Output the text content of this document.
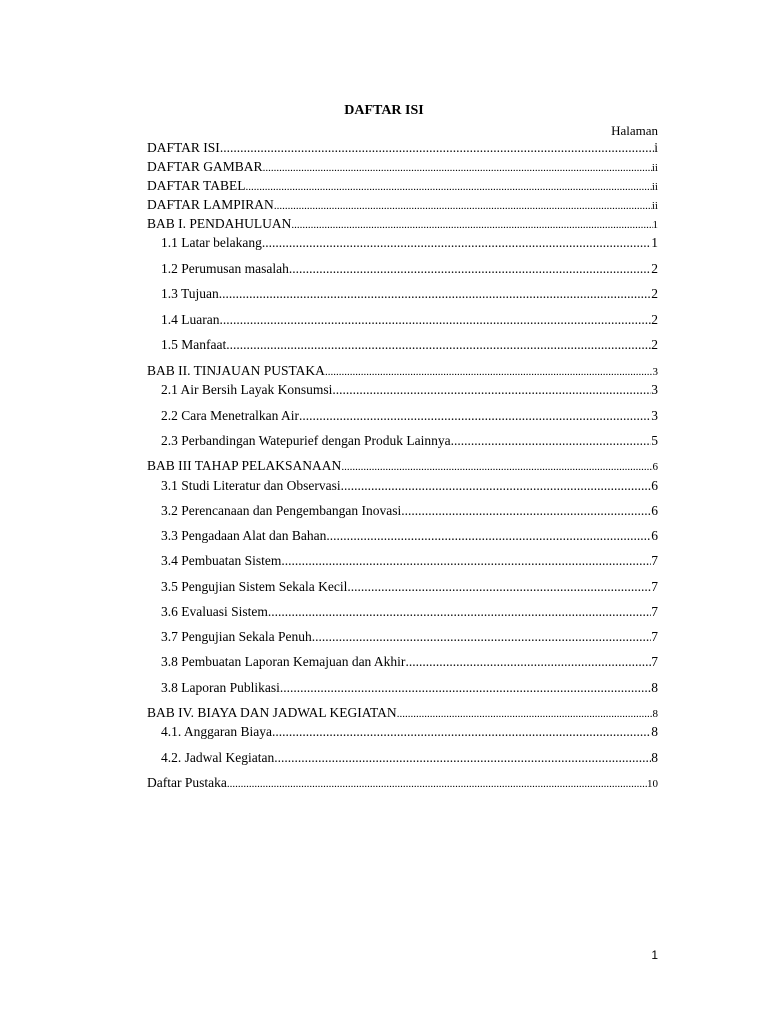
DAFTAR ISI
Halaman
DAFTAR ISI .....	i
DAFTAR GAMBAR .....	ii
DAFTAR TABEL .....	ii
DAFTAR LAMPIRAN .....	ii
BAB I. PENDAHULUAN .....	1
1.1 Latar belakang .....	1
1.2 Perumusan masalah .....	2
1.3 Tujuan .....	2
1.4 Luaran .....	2
1.5 Manfaat .....	2
BAB II. TINJAUAN PUSTAKA .....	3
2.1 Air Bersih Layak Konsumsi .....	3
2.2 Cara Menetralkan Air .....	3
2.3 Perbandingan Watepurief dengan Produk Lainnya .....	5
BAB III TAHAP PELAKSANAAN .....	6
3.1 Studi Literatur dan Observasi .....	6
3.2 Perencanaan dan Pengembangan Inovasi .....	6
3.3 Pengadaan Alat dan Bahan .....	6
3.4 Pembuatan Sistem .....	7
3.5 Pengujian Sistem Sekala Kecil .....	7
3.6 Evaluasi Sistem .....	7
3.7 Pengujian Sekala Penuh .....	7
3.8 Pembuatan Laporan Kemajuan dan Akhir .....	7
3.8 Laporan Publikasi .....	8
BAB IV. BIAYA DAN JADWAL KEGIATAN .....	8
4.1. Anggaran Biaya .....	8
4.2. Jadwal Kegiatan .....	8
Daftar Pustaka .....	10
1
